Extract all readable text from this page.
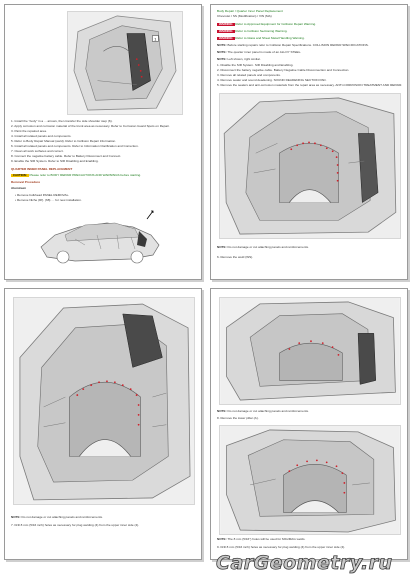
1
1. Install the “body” in a ... arrows, then transfer the side shoulder step (6).
2. Apply corrosion and corrosion material of the trunk area as necessary. Refer to Corrosion Guard Spots on Repair.
3. Paint the repaired area.
4. Install all related panels and components.
5. Refer to Body Repair Manual (weld). Refer to Collision Repair Information.
6. Install all related panels and components. Refer to Information Clarification and Correction.
7. Clean all work surfaces and correct.
8. Connect the negative battery cable. Refer to Battery Disconnect and Connect.
9. Enable the SIR System. Refer to SIR Disabling and Enabling.
QUARTER INNER PANEL REPLACEMENT
CAUTION: Please refer to BODY REPAIR PRECAUTIONS AND WARNINGS before starting.
Removal Procedure
Aluminum
• Remove bulkhead PANEL REMOVAL.
• Remove Niche (Rf). (68) … for new installation.
Body Repair / Quarter Inner Panel Replacement
Chevrolet / SS (Modification) / VIN (MA)
WARNING Refer to Approved Equipment for Collision Repair Warning.
WARNING Refer to Collision Sectioning Warning.
WARNING Refer to Glass and Sheet Metal Handling Warning.
NOTE: Before starting repairs refer to Collision Repair Specifications. COLLISION REPAIR SPECIFICATIONS.
NOTE: The quarter inner panel is made of an ALLOY STEEL.
NOTE: Left shown, right similar.
1. Disable the SIR System. SIR Disabling and Enabling.
2. Disconnect the battery negative cable. Battery Negative Cable Disconnection and Connection.
3. Remove all related panels and components.
4. Remove sealer and sound deadening. SOUND DEADENING SECTION PAD.
5. Remove the sealers and anti-corrosion materials from the repair area as necessary. ANTI-CORROSION TREATMENT AND REPAIR.
NOTE: Do not damage or cut attaching panels and reinforcements.
6. Remove the weld (WS).
NOTE: Do not damage or cut attaching panels and reinforcements.
7. Drill 8 mm (5/16 inch) holes as necessary for plug welding (4) from the upper inner side (4).
NOTE: Do not damage or cut attaching panels and reinforcements.
8. Remove the lower pillar (A).
NOTE: The 8 mm (5/16") holes will be used for MIG/MAG welds.
9. Drill 8 mm (5/16 inch) holes as necessary for plug welding (4) from the upper inner side (4).
CarGeometry.ru
